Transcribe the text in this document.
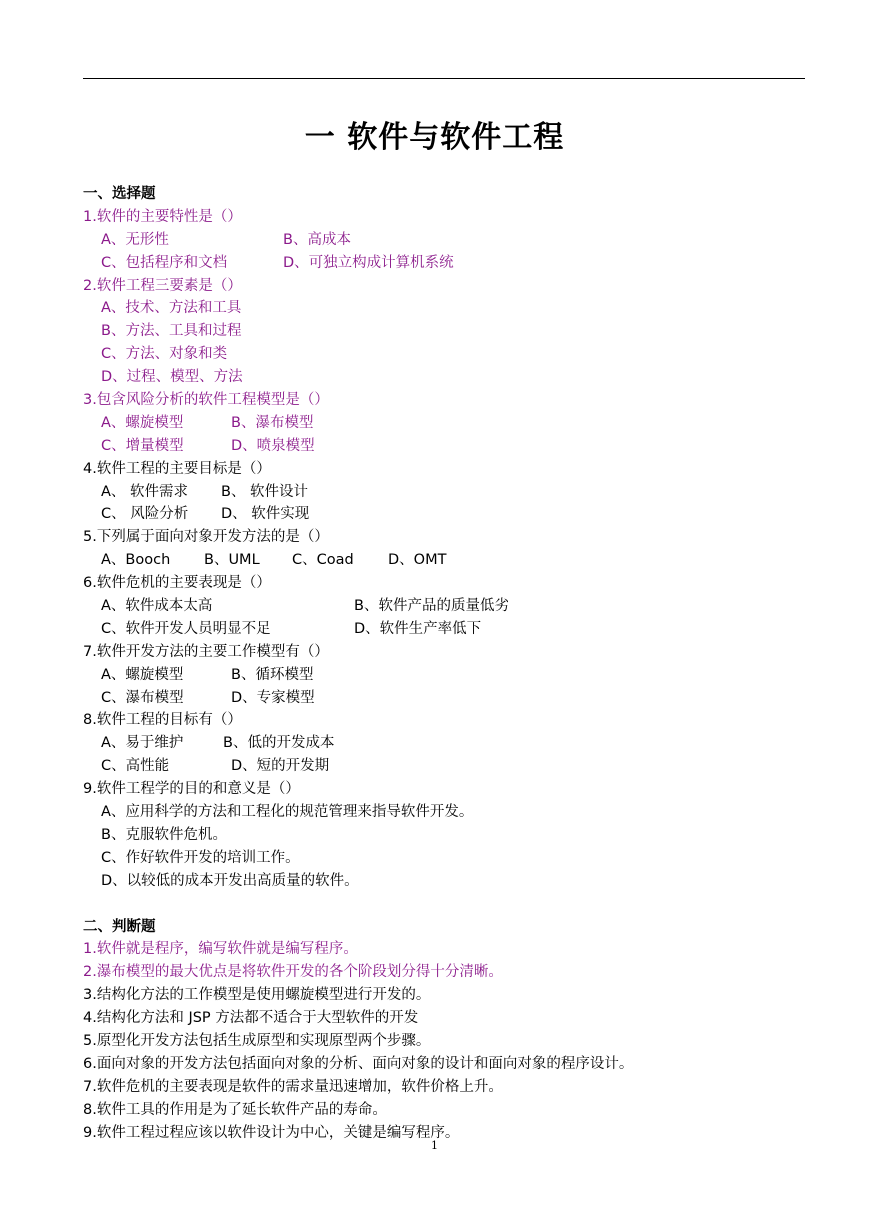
一 软件与软件工程
一、选择题
1.软件的主要特性是（）
A、无形性	B、高成本
C、包括程序和文档	D、可独立构成计算机系统
2.软件工程三要素是（）
A、技术、方法和工具
B、方法、工具和过程
C、方法、对象和类
D、过程、模型、方法
3.包含风险分析的软件工程模型是（）
A、螺旋模型	B、瀑布模型
C、增量模型	D、喷泉模型
4.软件工程的主要目标是（）
A、 软件需求 B、 软件设计
C、 风险分析 D、 软件实现
5.下列属于面向对象开发方法的是（）
A、Booch B、UML C、Coad D、OMT
6.软件危机的主要表现是（）
A、软件成本太高	B、软件产品的质量低劣
C、软件开发人员明显不足	D、软件生产率低下
7.软件开发方法的主要工作模型有（）
A、螺旋模型	B、循环模型
C、瀑布模型	D、专家模型
8.软件工程的目标有（）
A、易于维护	B、低的开发成本
C、高性能	D、短的开发期
9.软件工程学的目的和意义是（）
A、应用科学的方法和工程化的规范管理来指导软件开发。
B、克服软件危机。
C、作好软件开发的培训工作。
D、以较低的成本开发出高质量的软件。
二、判断题
1.软件就是程序，编写软件就是编写程序。
2.瀑布模型的最大优点是将软件开发的各个阶段划分得十分清晰。
3.结构化方法的工作模型是使用螺旋模型进行开发的。
4.结构化方法和 JSP 方法都不适合于大型软件的开发
5.原型化开发方法包括生成原型和实现原型两个步骤。
6.面向对象的开发方法包括面向对象的分析、面向对象的设计和面向对象的程序设计。
7.软件危机的主要表现是软件的需求量迅速增加，软件价格上升。
8.软件工具的作用是为了延长软件产品的寿命。
9.软件工程过程应该以软件设计为中心，关键是编写程序。
1
